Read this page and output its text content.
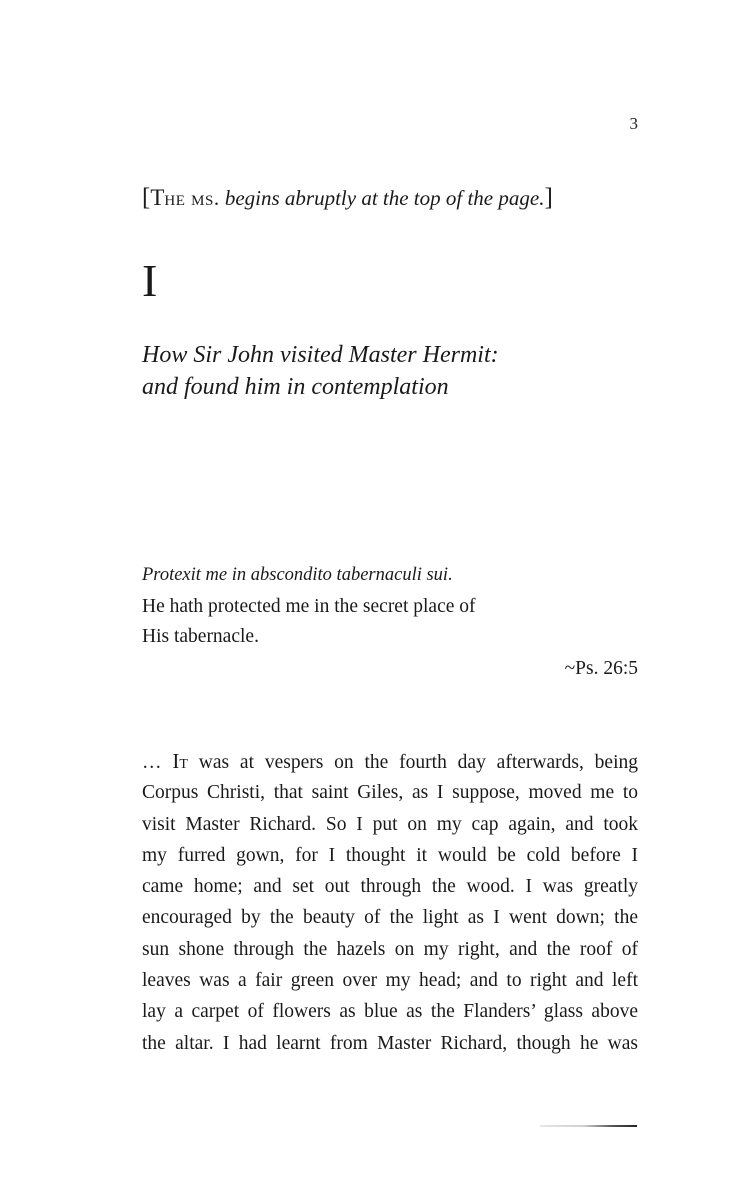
3
[The ms. begins abruptly at the top of the page.]
I
How Sir John visited Master Hermit:
and found him in contemplation
Protexit me in abscondito tabernaculi sui.
He hath protected me in the secret place of
His tabernacle.
~Ps. 26:5
… It was at vespers on the fourth day afterwards, being
Corpus Christi, that saint Giles, as I suppose, moved me to
visit Master Richard. So I put on my cap again, and took
my furred gown, for I thought it would be cold before I
came home; and set out through the wood. I was greatly
encouraged by the beauty of the light as I went down; the
sun shone through the hazels on my right, and the roof of
leaves was a fair green over my head; and to right and left
lay a carpet of flowers as blue as the Flanders’ glass above
the altar. I had learnt from Master Richard, though he was
